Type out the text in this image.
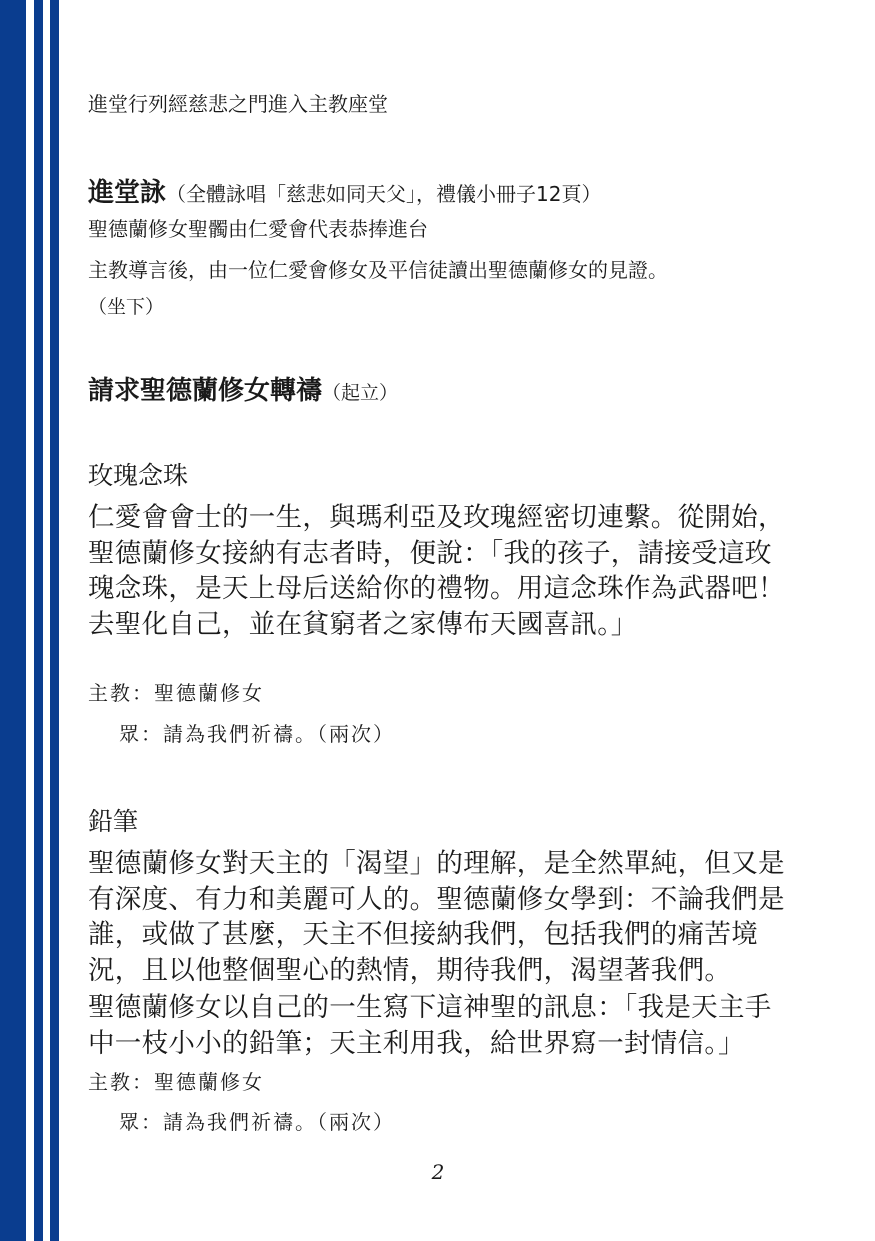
進堂行列經慈悲之門進入主教座堂
進堂詠（全體詠唱「慈悲如同天父」，禮儀小冊子12頁）
聖德蘭修女聖髑由仁愛會代表恭捧進台
主教導言後，由一位仁愛會修女及平信徒讀出聖德蘭修女的見證。
（坐下）
請求聖德蘭修女轉禱（起立）
玫瑰念珠
仁愛會會士的一生，與瑪利亞及玫瑰經密切連繫。從開始，聖德蘭修女接納有志者時，便說：「我的孩子，請接受這玫瑰念珠，是天上母后送給你的禮物。用這念珠作為武器吧！去聖化自己，並在貧窮者之家傳布天國喜訊。」
主教：聖德蘭修女
眾：請為我們祈禱。（兩次）
鉛筆
聖德蘭修女對天主的「渴望」的理解，是全然單純，但又是有深度、有力和美麗可人的。聖德蘭修女學到：不論我們是誰，或做了甚麼，天主不但接納我們，包括我們的痛苦境況，且以他整個聖心的熱情，期待我們，渴望著我們。
聖德蘭修女以自己的一生寫下這神聖的訊息：「我是天主手中一枝小小的鉛筆；天主利用我，給世界寫一封情信。」
主教：聖德蘭修女
眾：請為我們祈禱。（兩次）
2
